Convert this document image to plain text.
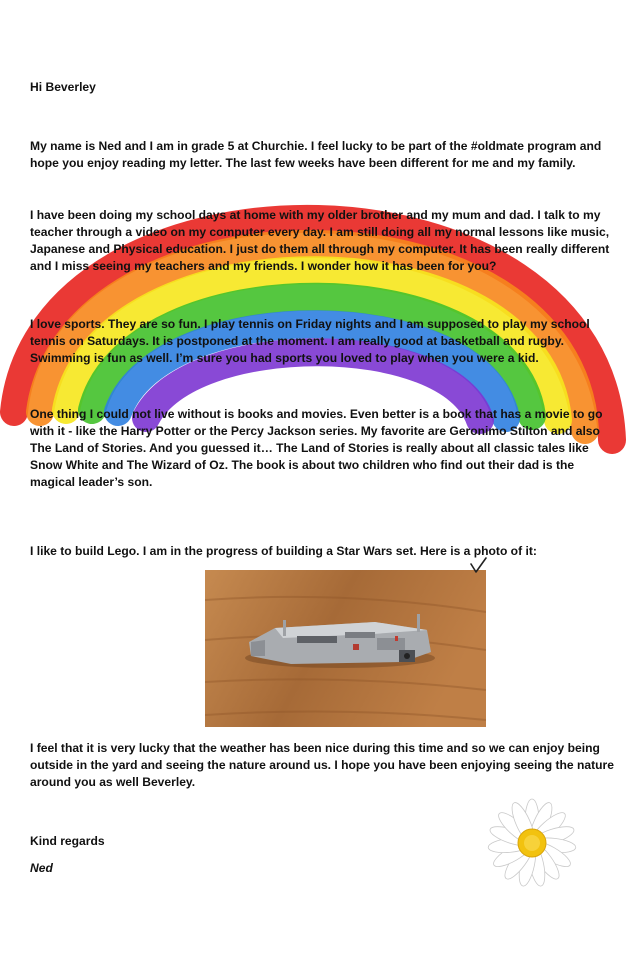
Hi Beverley

My name is Ned and I am in grade 5 at Churchie. I feel lucky to be part of the #oldmate program and hope you enjoy reading my letter. The last few weeks have been different for me and my family.

I have been doing my school days at home with my older brother and my mum and dad. I talk to my teacher through a video on my computer every day. I am still doing all my normal lessons like music, Japanese and Physical education. I just do them all through my computer. It has been really different and I miss seeing my teachers and my friends. I wonder how it has been for you?

I love sports. They are so fun. I play tennis on Friday nights and I am supposed to play my school tennis on Saturdays. It is postponed at the moment. I am really good at basketball and rugby. Swimming is fun as well. I’m sure you had sports you loved to play when you were a kid.

One thing I could not live without is books and movies. Even better is a book that has a movie to go with it - like the Harry Potter or the Percy Jackson series. My favorite are Geronimo Stilton and also The Land of Stories. And you guessed it… The Land of Stories is really about all classic tales like Snow White and The Wizard of Oz. The book is about two children who find out their dad is the magical leader’s son.

I like to build Lego. I am in the progress of building a Star Wars set. Here is a photo of it:

I feel that it is very lucky that the weather has been nice during this time and so we can enjoy being outside in the yard and seeing the nature around us. I hope you have been enjoying seeing the nature around you as well Beverley.

Kind regards
Ned
